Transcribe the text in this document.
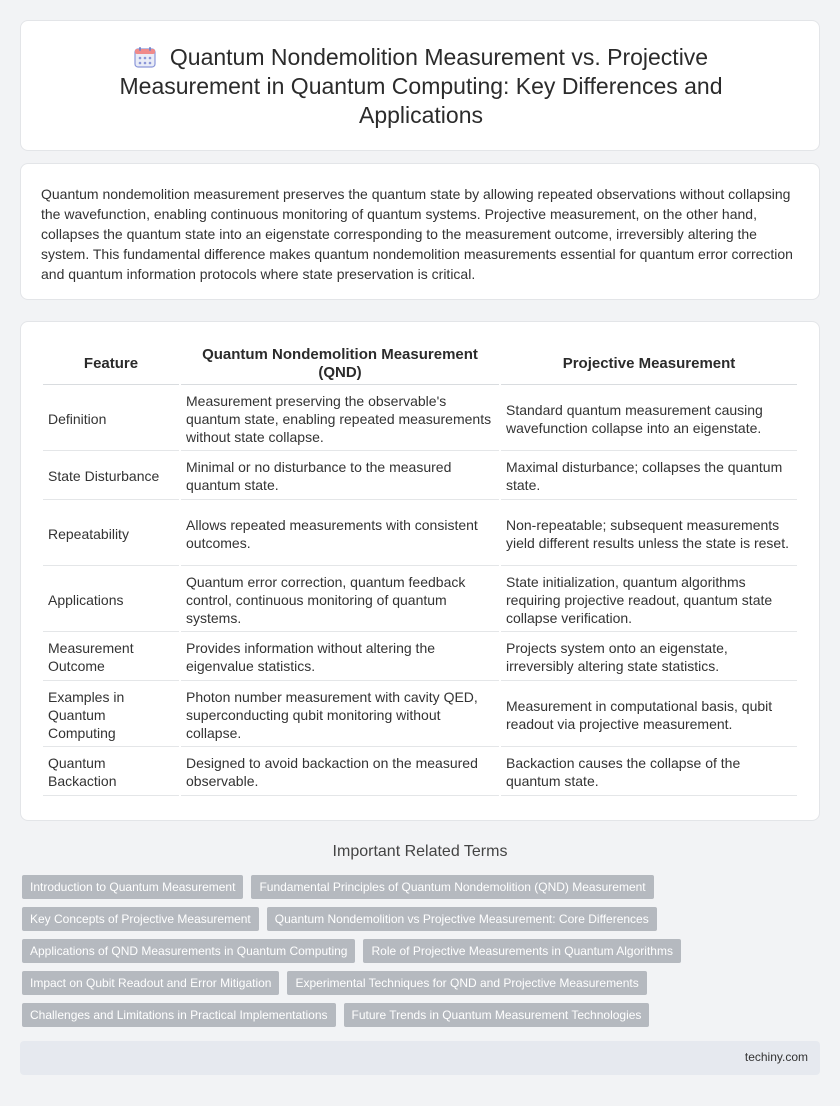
Quantum Nondemolition Measurement vs. Projective Measurement in Quantum Computing: Key Differences and Applications

Quantum nondemolition measurement preserves the quantum state by allowing repeated observations without collapsing the wavefunction, enabling continuous monitoring of quantum systems. Projective measurement, on the other hand, collapses the quantum state into an eigenstate corresponding to the measurement outcome, irreversibly altering the system. This fundamental difference makes quantum nondemolition measurements essential for quantum error correction and quantum information protocols where state preservation is critical.

Feature	Quantum Nondemolition Measurement (QND)	Projective Measurement
Definition	Measurement preserving the observable's quantum state, enabling repeated measurements without state collapse.	Standard quantum measurement causing wavefunction collapse into an eigenstate.
State Disturbance	Minimal or no disturbance to the measured quantum state.	Maximal disturbance; collapses the quantum state.
Repeatability	Allows repeated measurements with consistent outcomes.	Non-repeatable; subsequent measurements yield different results unless the state is reset.
Applications	Quantum error correction, quantum feedback control, continuous monitoring of quantum systems.	State initialization, quantum algorithms requiring projective readout, quantum state collapse verification.
Measurement Outcome	Provides information without altering the eigenvalue statistics.	Projects system onto an eigenstate, irreversibly altering state statistics.
Examples in Quantum Computing	Photon number measurement with cavity QED, superconducting qubit monitoring without collapse.	Measurement in computational basis, qubit readout via projective measurement.
Quantum Backaction	Designed to avoid backaction on the measured observable.	Backaction causes the collapse of the quantum state.
Important Related Terms
Introduction to Quantum Measurement	Fundamental Principles of Quantum Nondemolition (QND) Measurement
Key Concepts of Projective Measurement	Quantum Nondemolition vs Projective Measurement: Core Differences
Applications of QND Measurements in Quantum Computing	Role of Projective Measurements in Quantum Algorithms
Impact on Qubit Readout and Error Mitigation	Experimental Techniques for QND and Projective Measurements
Challenges and Limitations in Practical Implementations	Future Trends in Quantum Measurement Technologies
techiny.com
